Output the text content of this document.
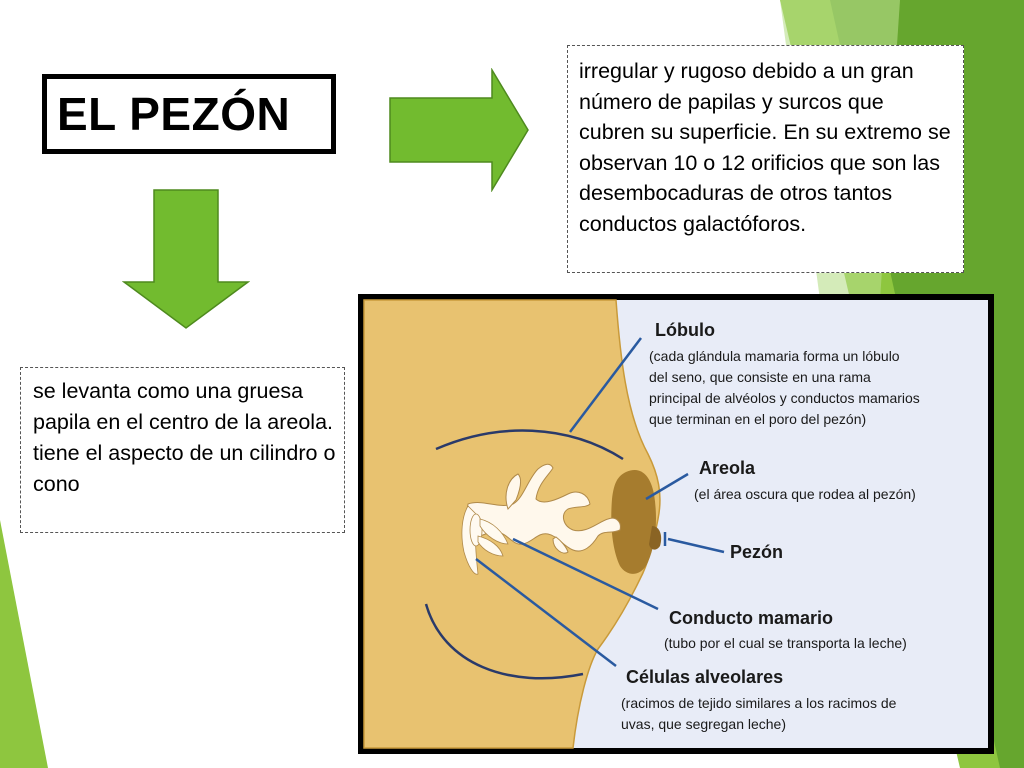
EL PEZÓN
irregular y rugoso debido a un gran número de papilas y surcos que cubren su superficie. En su extremo se observan 10 o 12 orificios que son las desembocaduras de otros tantos conductos galactóforos.
se levanta como una gruesa papila en el centro de la areola. tiene el aspecto de un cilindro o cono
Lóbulo
(cada glándula mamaria forma un lóbulo
del seno, que consiste en una rama
principal de alvéolos y conductos mamarios
que terminan en el poro del pezón)
Areola
(el área oscura que rodea al pezón)
Pezón
Conducto mamario
(tubo por el cual se transporta la leche)
Células alveolares
(racimos de tejido similares a los racimos de
uvas, que segregan leche)
